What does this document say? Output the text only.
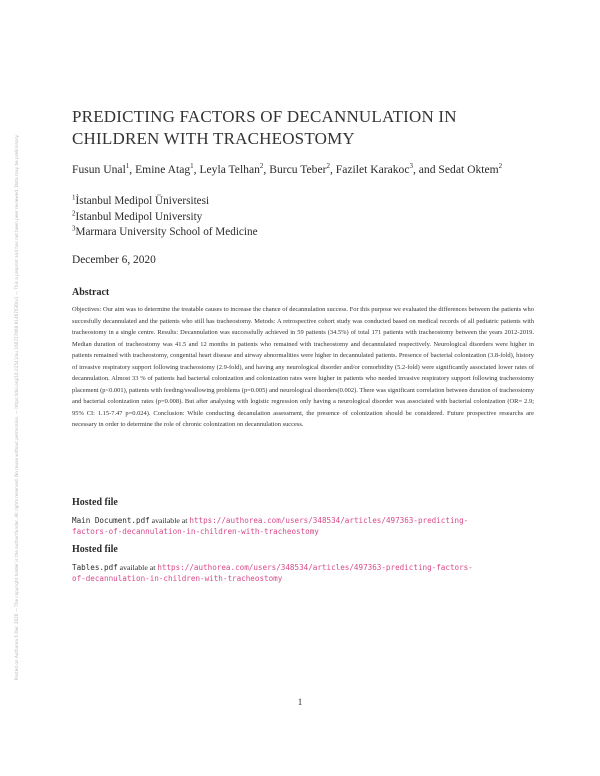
Posted on Authorea 6 Dec 2020 — The copyright holder is the author/funder. All rights reserved. No reuse without permission. — https://doi.org/10.22541/au.160727069.91467630/v1 — This a preprint and has not been peer reviewed. Data may be preliminary.
PREDICTING FACTORS OF DECANNULATION IN
CHILDREN WITH TRACHEOSTOMY
Fusun Unal$^1$, Emine Atag$^1$, Leyla Telhan$^2$, Burcu Teber$^2$, Fazilet Karakoc$^3$, and Sedat Oktem$^2$
$^1$İstanbul Medipol Üniversitesi
$^2$Istanbul Medipol University
$^3$Marmara University School of Medicine
December 6, 2020
Abstract
Objectives: Our aim was to determine the treatable causes to increase the chance of decannulation success. For this purpose we evaluated the differences between the patients who succesfully decannulated and the patients who still has tracheostomy. Metods: A retrospective cohort study was conducted based on medical records of all pediatric patients with tracheostomy in a single centre. Results: Decannulation was successfully achieved in 59 patients (34.5%) of total 171 patients with tracheostomy between the years 2012-2019. Median duration of tracheostomy was 41.5 and 12 months in patients who remained with tracheostomy and decannulated respectively. Neurological disorders were higher in patients remained with tracheostomy, congenital heart disease and airway abnormalities were higher in decannulated patients. Presence of bacterial colonization (3.8-fold), history of invasive respiratory support following tracheostomy (2.9-fold), and having any neurological disorder and/or comorbidity (5.2-fold) were significantly associated lower rates of decannulation. Almost 33 % of patients had bacterial colonization and colonization rates were higher in patients who needed invasive respiratory support following tracheostomy placement (p<0.001), patients with feeding/swallowing problems (p=0.005) and neurological disorders(0.002). There was significant correlation between duration of tracheostomy and bacterial colonization rates (p=0.008). But after analysing with logistic regression only having a neurological disorder was associated with bacterial colonization (OR= 2.9; 95% CI: 1.15-7.47 p=0.024). Conclusion: While conducting decanulation assessment, the presence of colonization should be considered. Future prospective researchs are necessary in order to determine the role of chronic colonization on decannulation success.
Hosted file
Main Document.pdf available at https://authorea.com/users/348534/articles/497363-predicting-
factors-of-decannulation-in-children-with-tracheostomy
Hosted file
Tables.pdf available at https://authorea.com/users/348534/articles/497363-predicting-factors-
of-decannulation-in-children-with-tracheostomy
1
